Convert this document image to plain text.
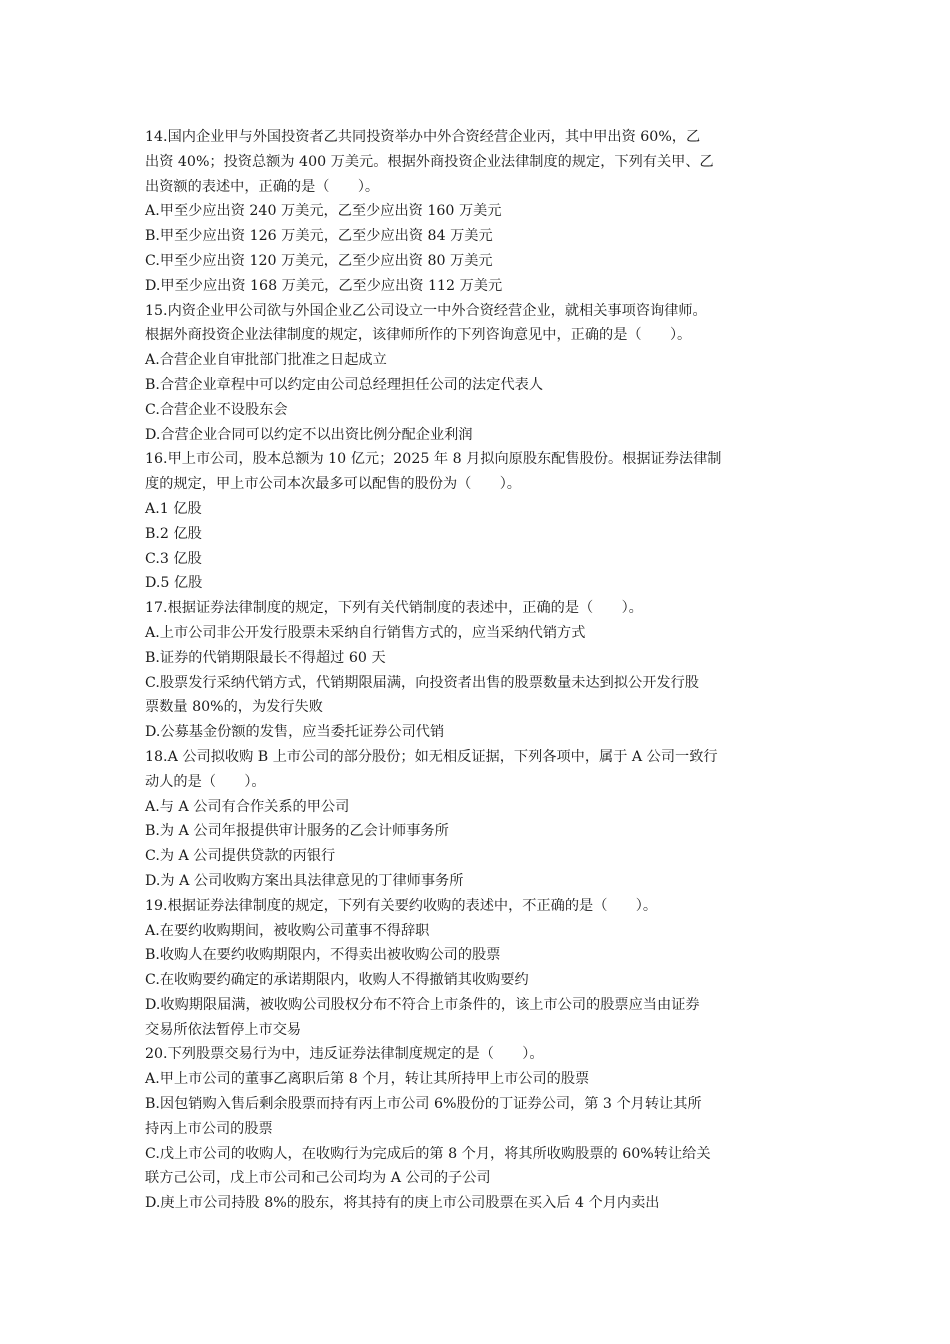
14.国内企业甲与外国投资者乙共同投资举办中外合资经营企业丙，其中甲出资 60%，乙
出资 40%；投资总额为 400 万美元。根据外商投资企业法律制度的规定，下列有关甲、乙
出资额的表述中，正确的是（　　）。
A.甲至少应出资 240 万美元，乙至少应出资 160 万美元
B.甲至少应出资 126 万美元，乙至少应出资 84 万美元
C.甲至少应出资 120 万美元，乙至少应出资 80 万美元
D.甲至少应出资 168 万美元，乙至少应出资 112 万美元
15.内资企业甲公司欲与外国企业乙公司设立一中外合资经营企业，就相关事项咨询律师。
根据外商投资企业法律制度的规定，该律师所作的下列咨询意见中，正确的是（　　）。
A.合营企业自审批部门批准之日起成立
B.合营企业章程中可以约定由公司总经理担任公司的法定代表人
C.合营企业不设股东会
D.合营企业合同可以约定不以出资比例分配企业利润
16.甲上市公司，股本总额为 10 亿元；2025 年 8 月拟向原股东配售股份。根据证券法律制
度的规定，甲上市公司本次最多可以配售的股份为（　　）。
A.1 亿股
B.2 亿股
C.3 亿股
D.5 亿股
17.根据证券法律制度的规定，下列有关代销制度的表述中，正确的是（　　）。
A.上市公司非公开发行股票未采纳自行销售方式的，应当采纳代销方式
B.证券的代销期限最长不得超过 60 天
C.股票发行采纳代销方式，代销期限届满，向投资者出售的股票数量未达到拟公开发行股
票数量 80%的，为发行失败
D.公募基金份额的发售，应当委托证券公司代销
18.A 公司拟收购 B 上市公司的部分股份；如无相反证据，下列各项中，属于 A 公司一致行
动人的是（　　）。
A.与 A 公司有合作关系的甲公司
B.为 A 公司年报提供审计服务的乙会计师事务所
C.为 A 公司提供贷款的丙银行
D.为 A 公司收购方案出具法律意见的丁律师事务所
19.根据证券法律制度的规定，下列有关要约收购的表述中，不正确的是（　　）。
A.在要约收购期间，被收购公司董事不得辞职
B.收购人在要约收购期限内，不得卖出被收购公司的股票
C.在收购要约确定的承诺期限内，收购人不得撤销其收购要约
D.收购期限届满，被收购公司股权分布不符合上市条件的，该上市公司的股票应当由证券
交易所依法暂停上市交易
20.下列股票交易行为中，违反证券法律制度规定的是（　　）。
A.甲上市公司的董事乙离职后第 8 个月，转让其所持甲上市公司的股票
B.因包销购入售后剩余股票而持有丙上市公司 6%股份的丁证券公司，第 3 个月转让其所
持丙上市公司的股票
C.戊上市公司的收购人，在收购行为完成后的第 8 个月，将其所收购股票的 60%转让给关
联方己公司，戊上市公司和己公司均为 A 公司的子公司
D.庚上市公司持股 8%的股东，将其持有的庚上市公司股票在买入后 4 个月内卖出
